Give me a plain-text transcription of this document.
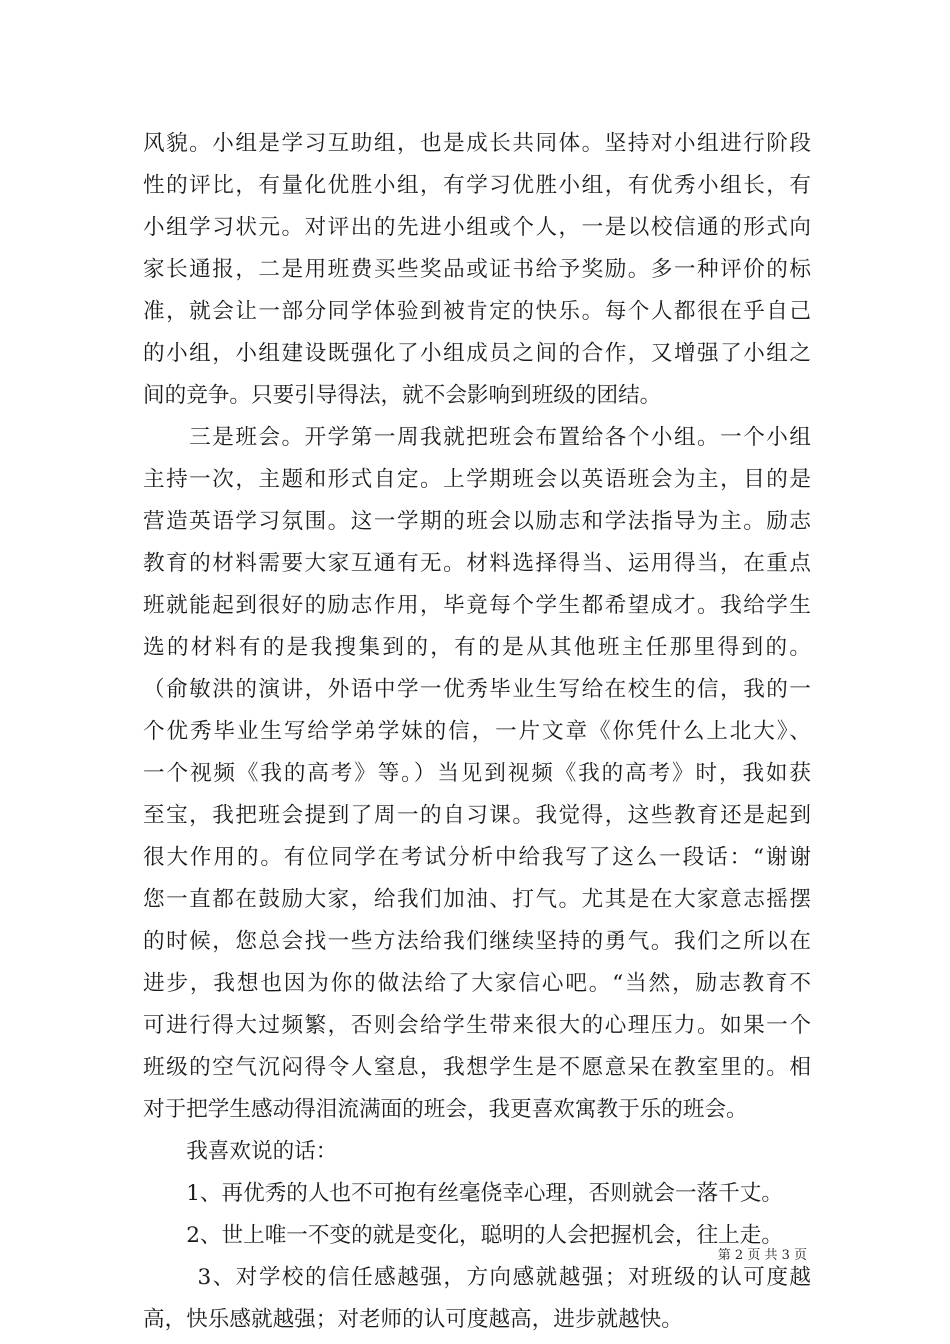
风貌。小组是学习互助组，也是成长共同体。坚持对小组进行阶段
性的评比，有量化优胜小组，有学习优胜小组，有优秀小组长，有
小组学习状元。对评出的先进小组或个人，一是以校信通的形式向
家长通报，二是用班费买些奖品或证书给予奖励。多一种评价的标
准，就会让一部分同学体验到被肯定的快乐。每个人都很在乎自己
的小组，小组建设既强化了小组成员之间的合作，又增强了小组之
间的竞争。只要引导得法，就不会影响到班级的团结。
　　三是班会。开学第一周我就把班会布置给各个小组。一个小组
主持一次，主题和形式自定。上学期班会以英语班会为主，目的是
营造英语学习氛围。这一学期的班会以励志和学法指导为主。励志
教育的材料需要大家互通有无。材料选择得当、运用得当，在重点
班就能起到很好的励志作用，毕竟每个学生都希望成才。我给学生
选的材料有的是我搜集到的，有的是从其他班主任那里得到的。
（俞敏洪的演讲，外语中学一优秀毕业生写给在校生的信，我的一
个优秀毕业生写给学弟学妹的信，一片文章《你凭什么上北大》、
一个视频《我的高考》等。）当见到视频《我的高考》时，我如获
至宝，我把班会提到了周一的自习课。我觉得，这些教育还是起到
很大作用的。有位同学在考试分析中给我写了这么一段话：“谢谢
您一直都在鼓励大家，给我们加油、打气。尤其是在大家意志摇摆
的时候，您总会找一些方法给我们继续坚持的勇气。我们之所以在
进步，我想也因为你的做法给了大家信心吧。“当然，励志教育不
可进行得大过频繁，否则会给学生带来很大的心理压力。如果一个
班级的空气沉闷得令人窒息，我想学生是不愿意呆在教室里的。相
对于把学生感动得泪流满面的班会，我更喜欢寓教于乐的班会。
　　我喜欢说的话：
　　1、再优秀的人也不可抱有丝毫侥幸心理，否则就会一落千丈。
　　2、世上唯一不变的就是变化，聪明的人会把握机会，往上走。
　　 3、对学校的信任感越强，方向感就越强；对班级的认可度越
高，快乐感就越强；对老师的认可度越高，进步就越快。
第 2 页 共 3 页
